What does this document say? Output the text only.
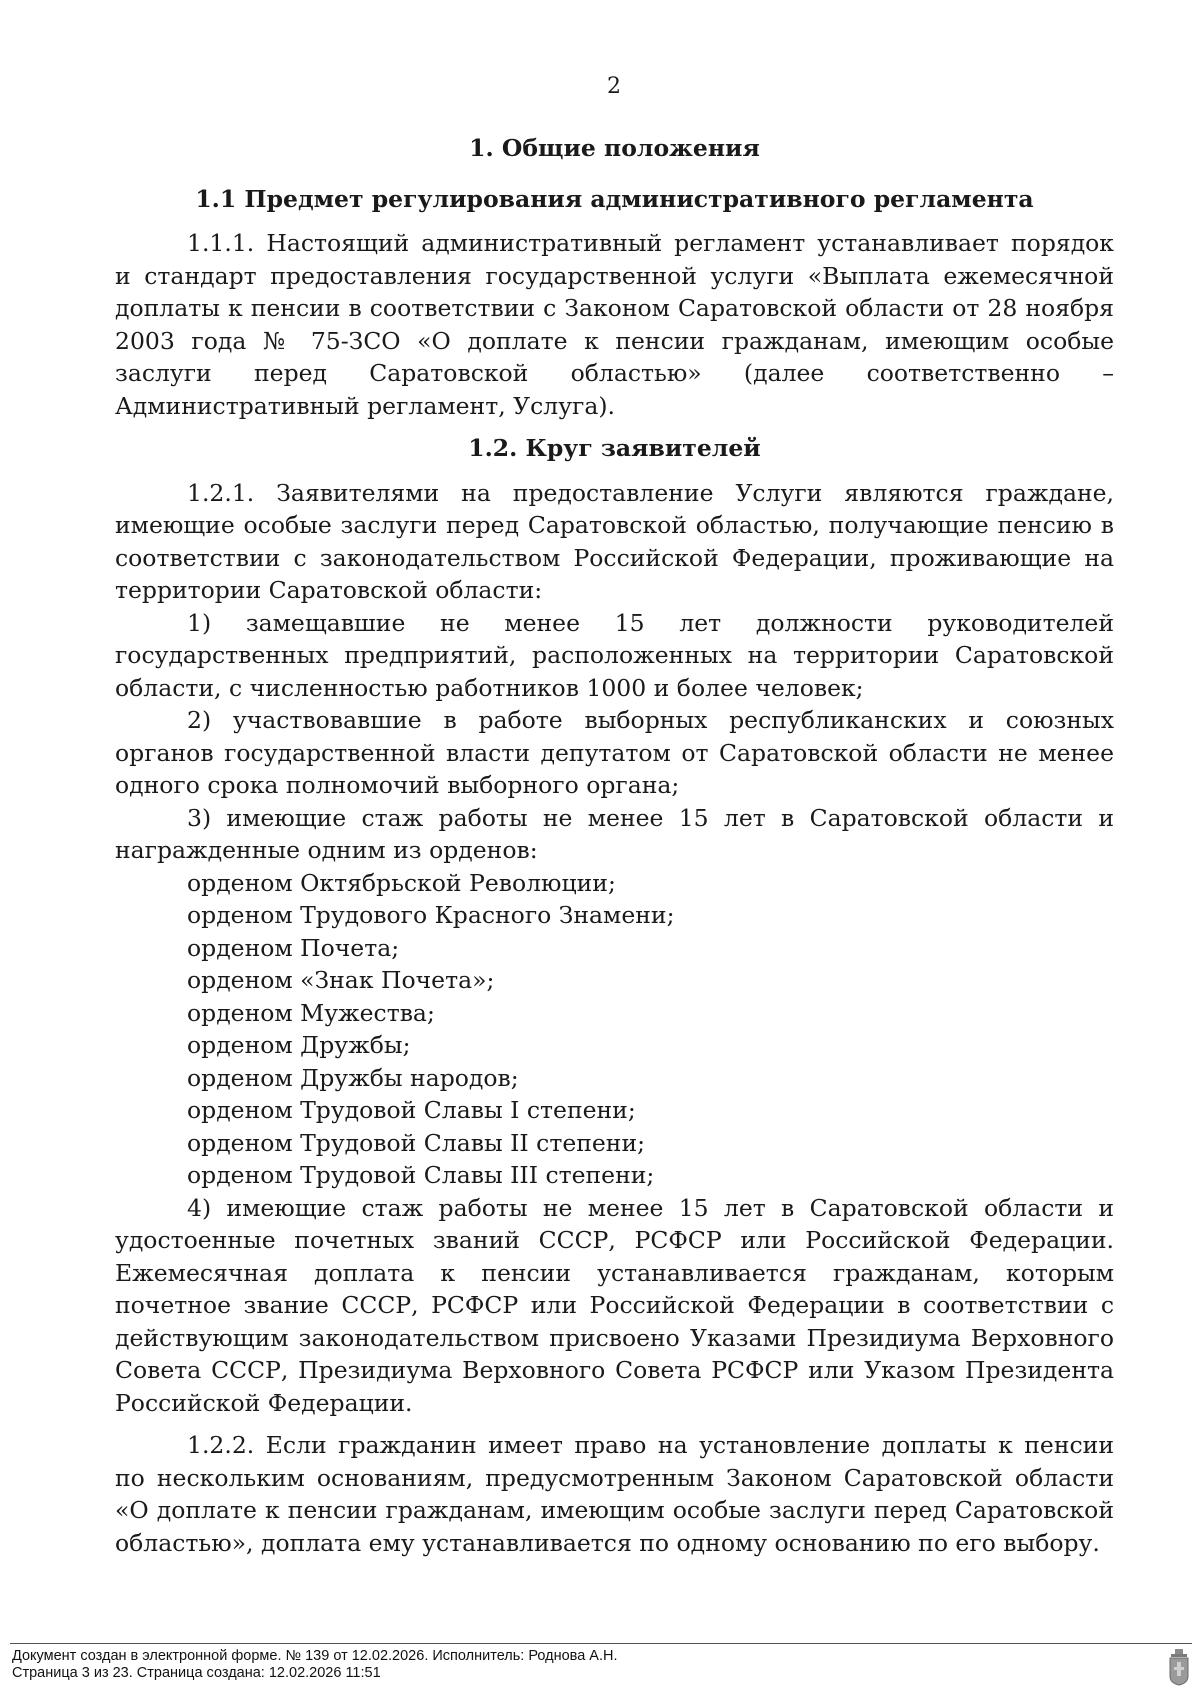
2
1. Общие положения
1.1 Предмет регулирования административного регламента

1.1.1. Настоящий административный регламент устанавливает порядок и стандарт предоставления государственной услуги «Выплата ежемесячной доплаты к пенсии в соответствии с Законом Саратовской области от 28 ноября 2003 года № 75-ЗСО «О доплате к пенсии гражданам, имеющим особые заслуги перед Саратовской областью» (далее соответственно – Административный регламент, Услуга).

1.2. Круг заявителей

1.2.1. Заявителями на предоставление Услуги являются граждане, имеющие особые заслуги перед Саратовской областью, получающие пенсию в соответствии с законодательством Российской Федерации, проживающие на территории Саратовской области:

1) замещавшие не менее 15 лет должности руководителей государственных предприятий, расположенных на территории Саратовской области, с численностью работников 1000 и более человек;

2) участвовавшие в работе выборных республиканских и союзных органов государственной власти депутатом от Саратовской области не менее одного срока полномочий выборного органа;

3) имеющие стаж работы не менее 15 лет в Саратовской области и награжденные одним из орденов:

орденом Октябрьской Революции;

орденом Трудового Красного Знамени;

орденом Почета;

орденом «Знак Почета»;

орденом Мужества;

орденом Дружбы;

орденом Дружбы народов;

орденом Трудовой Славы I степени;

орденом Трудовой Славы II степени;

орденом Трудовой Славы III степени;

4) имеющие стаж работы не менее 15 лет в Саратовской области и удостоенные почетных званий СССР, РСФСР или Российской Федерации. Ежемесячная доплата к пенсии устанавливается гражданам, которым почетное звание СССР, РСФСР или Российской Федерации в соответствии с действующим законодательством присвоено Указами Президиума Верховного Совета СССР, Президиума Верховного Совета РСФСР или Указом Президента Российской Федерации.

1.2.2. Если гражданин имеет право на установление доплаты к пенсии по нескольким основаниям, предусмотренным Законом Саратовской области «О доплате к пенсии гражданам, имеющим особые заслуги перед Саратовской областью», доплата ему устанавливается по одному основанию по его выбору.

Документ создан в электронной форме. № 139 от 12.02.2026. Исполнитель: Роднова А.Н.
Страница 3 из 23. Страница создана: 12.02.2026 11:51
